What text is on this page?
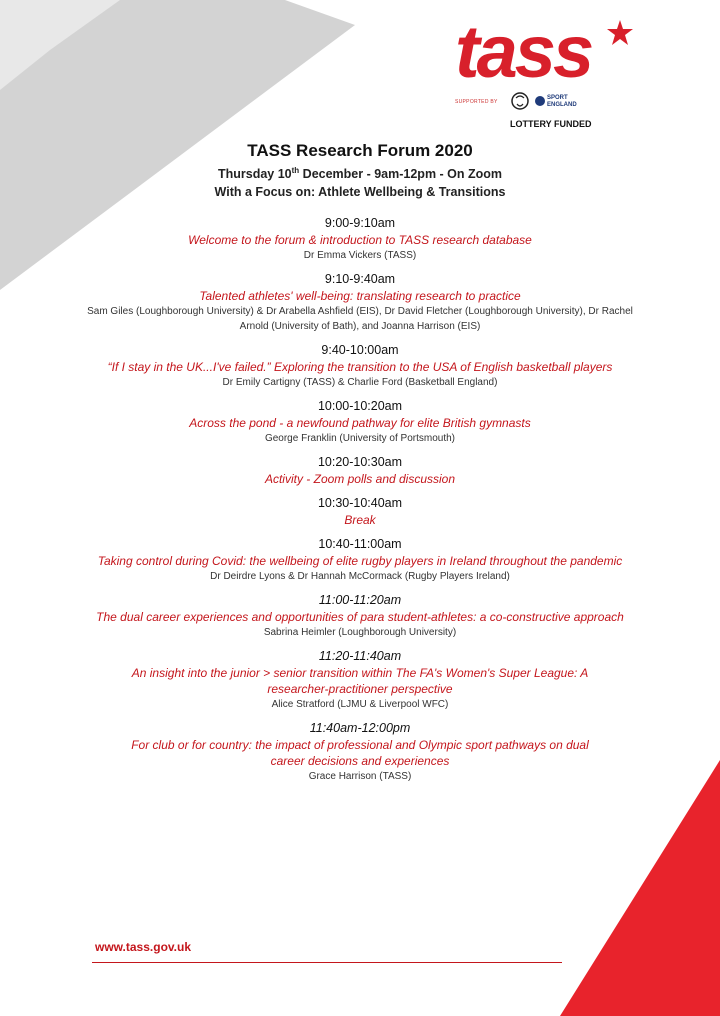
tass
SUPPORTED BY
SPORT
ENGLAND
LOTTERY FUNDED
TASS Research Forum 2020
Thursday 10th December - 9am-12pm - On Zoom
With a Focus on: Athlete Wellbeing & Transitions
9:00-9:10am
Welcome to the forum & introduction to TASS research database
Dr Emma Vickers (TASS)
9:10-9:40am
Talented athletes' well-being: translating research to practice
Sam Giles (Loughborough University) & Dr Arabella Ashfield (EIS), Dr David Fletcher (Loughborough University), Dr Rachel Arnold (University of Bath), and Joanna Harrison (EIS)
9:40-10:00am
“If I stay in the UK...I've failed.” Exploring the transition to the USA of English basketball players
Dr Emily Cartigny (TASS) & Charlie Ford (Basketball England)
10:00-10:20am
Across the pond - a newfound pathway for elite British gymnasts
George Franklin (University of Portsmouth)
10:20-10:30am
Activity - Zoom polls and discussion
10:30-10:40am
Break
10:40-11:00am
Taking control during Covid: the wellbeing of elite rugby players in Ireland throughout the pandemic
Dr Deirdre Lyons & Dr Hannah McCormack (Rugby Players Ireland)
11:00-11:20am
The dual career experiences and opportunities of para student-athletes: a co-constructive approach
Sabrina Heimler (Loughborough University)
11:20-11:40am
An insight into the junior > senior transition within The FA's Women's Super League: A researcher-practitioner perspective
Alice Stratford (LJMU & Liverpool WFC)
11:40am-12:00pm
For club or for country: the impact of professional and Olympic sport pathways on dual career decisions and experiences
Grace Harrison (TASS)
www.tass.gov.uk
